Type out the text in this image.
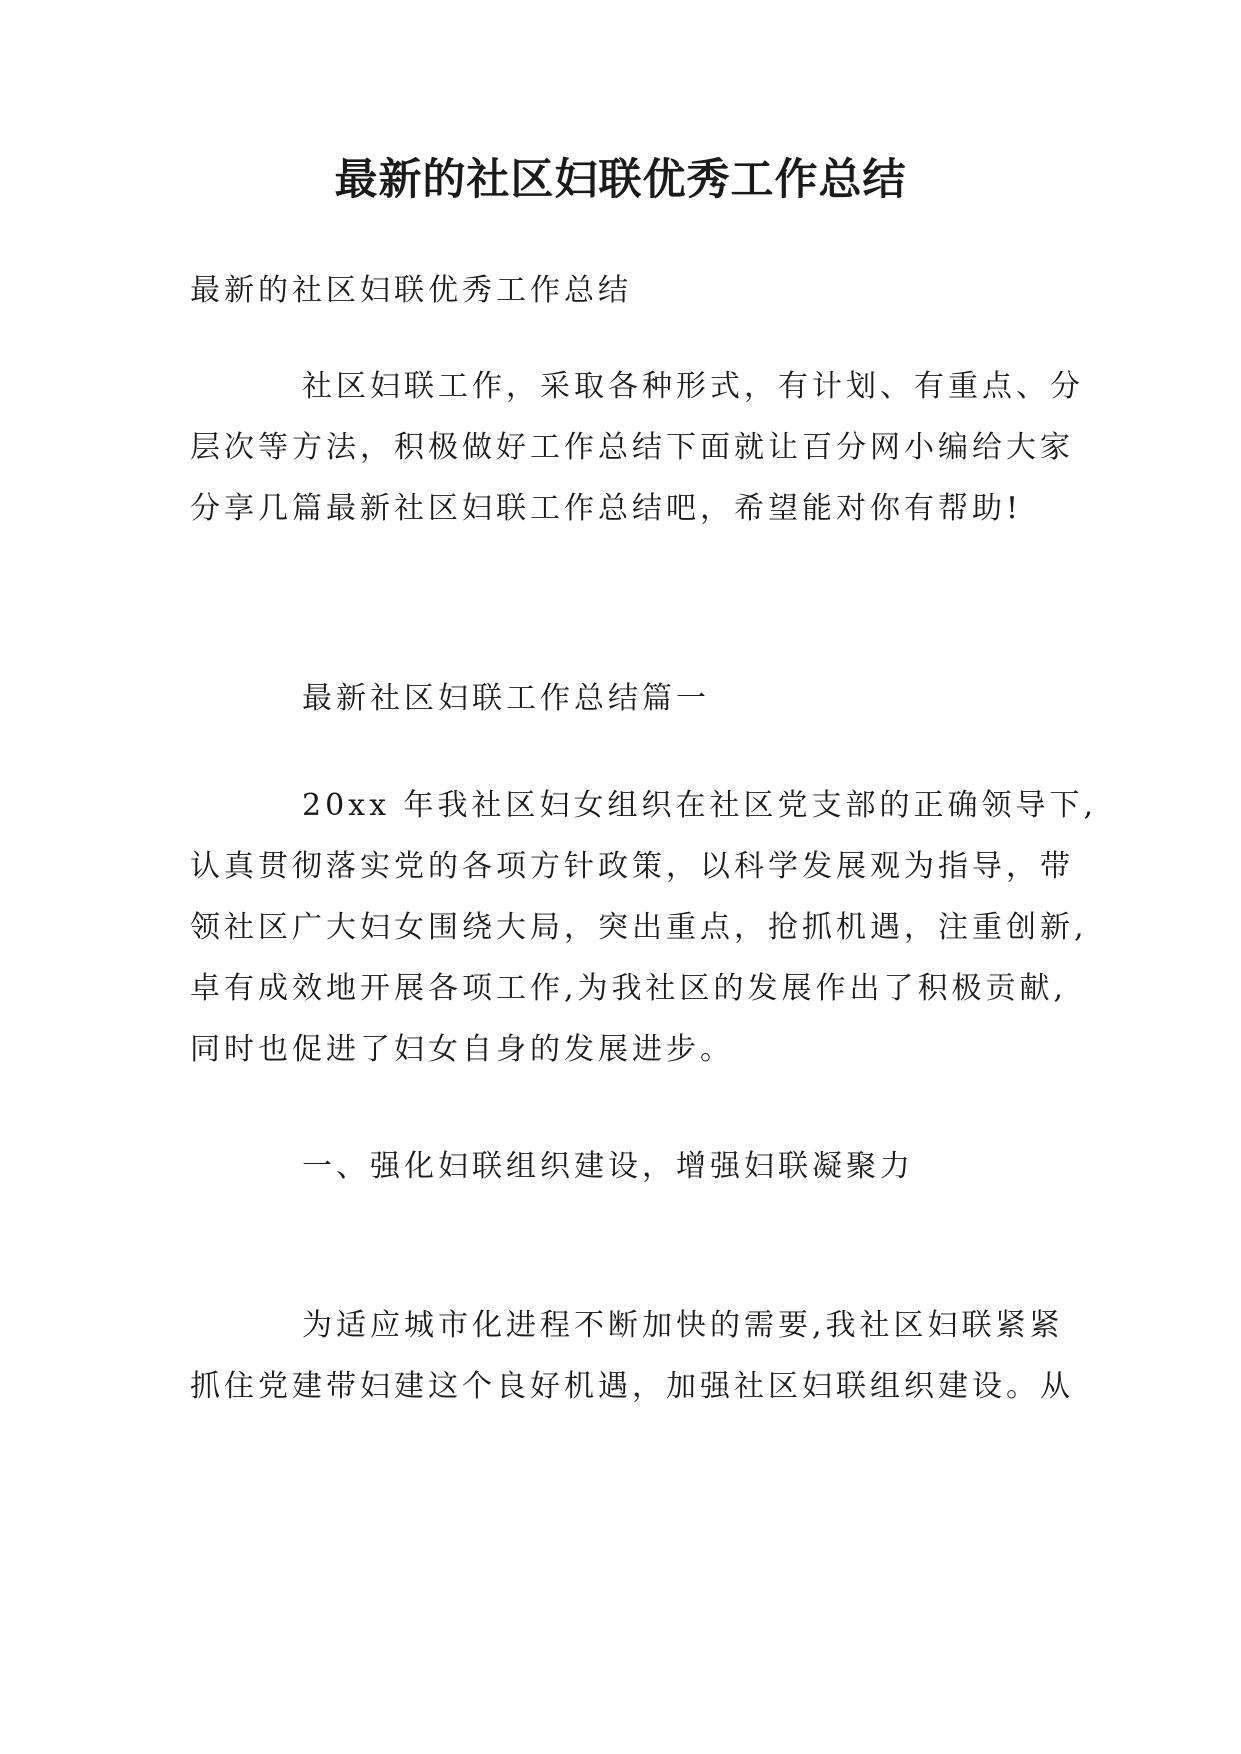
最新的社区妇联优秀工作总结

最新的社区妇联优秀工作总结

社区妇联工作，采取各种形式，有计划、有重点、分
层次等方法，积极做好工作总结下面就让百分网小编给大家
分享几篇最新社区妇联工作总结吧，希望能对你有帮助!

最新社区妇联工作总结篇一

20xx 年我社区妇女组织在社区党支部的正确领导下,
认真贯彻落实党的各项方针政策，以科学发展观为指导，带
领社区广大妇女围绕大局，突出重点，抢抓机遇，注重创新,
卓有成效地开展各项工作,为我社区的发展作出了积极贡献,
同时也促进了妇女自身的发展进步。

一、强化妇联组织建设，增强妇联凝聚力

为适应城市化进程不断加快的需要,我社区妇联紧紧
抓住党建带妇建这个良好机遇，加强社区妇联组织建设。从
